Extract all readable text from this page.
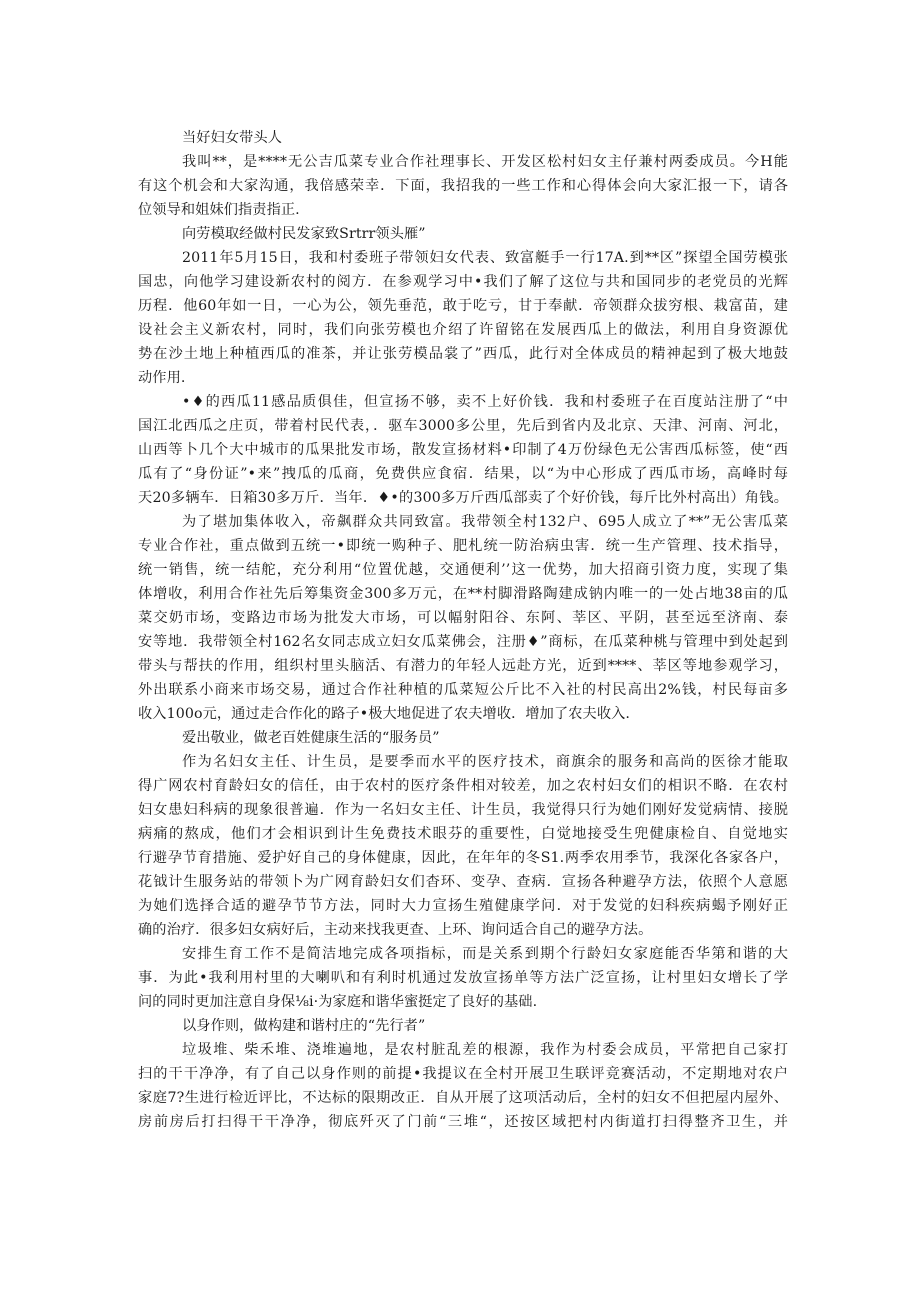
当好妇女带头人

我叫**，是****无公吉瓜菜专业合作社理事长、开发区松村妇女主仔兼村两委成员。今H能

有这个机会和大家沟通，我倍感荣幸．下面，我招我的一些工作和心得体会向大家汇报一下，请各

位领导和姐妹们指责指正.

向劳模取经做村民发家致Srtrr领头雁”

2011年5月15日，我和村委班子带领妇女代表、致富艇手一行17A.到**区”探望全国劳模张

国忠，向他学习建设新农村的阅方．在参观学习中•我们了解了这位与共和国同步的老党员的光辉

历程．他60年如一日，一心为公，领先垂范，敢于吃亏，甘于奉献．帝领群众拔穷根、栽富苗，建

设社会主义新农村，同时，我们向张劳模也介绍了许留铭在发展西瓜上的做法，利用自身资源优

势在沙土地上种植西瓜的准茶，并让张劳模品裳了”西瓜，此行对全体成员的精神起到了极大地鼓

动作用.

•♦的西瓜11感品质俱佳，但宣扬不够，卖不上好价钱．我和村委班子在百度站注册了“中

国江北西瓜之庄页，带着村民代表，．驱车3000多公里，先后到省内及北京、天津、河南、河北，

山西等卜几个大中城市的瓜果批发市场，散发宣扬材料•印制了4万份绿色无公害西瓜标签，使“西

瓜有了“身份证”•来”拽瓜的瓜商，免费供应食宿．结果，以“为中心形成了西瓜市场，高峰时每

天20多辆车．日箱30多万斤．当年．♦•的300多万斤西瓜部卖了个好价钱，每斤比外村高出）角钱。

为了堪加集体收入，帝飙群众共同致富。我带领全村132户、695人成立了**”无公害瓜菜

专业合作社，重点做到五统一•即统一购种子、肥札统一防治病虫害．统一生产管理、技术指导，

统一销售，统一结舵，充分利用“位置优越，交通便利’’这一优势，加大招商引资力度，实现了集

体增收，利用合作社先后筹集资金300多万元，在**村脚滑路陶建成钠内唯一的一处占地38亩的瓜

菜交奶市场，变路边市场为批发大市场，可以幅射阳谷、东阿、莘区、平阴，甚至远至济南、泰

安等地．我带领全村162名女同志成立妇女瓜菜佛会，注册♦”商标，在瓜菜种桃与管理中到处起到

带头与帮扶的作用，组织村里头脑活、有潜力的年轻人远赴方光，近到****、莘区等地参观学习，

外出联系小商来市场交易，通过合作社种植的瓜菜短公斤比不入社的村民高出2%钱，村民每亩多

收入100o元，通过走合作化的路子•极大地促进了农夫增收．增加了农夫收入.

爱出敬业，做老百姓健康生活的“服务员”

作为名妇女主任、计生员，是要季而水平的医疗技术，商旗余的服务和高尚的医徐才能取

得广网农村育龄妇女的信任，由于农村的医疗条件相对较差，加之农村妇女们的相识不略．在农村

妇女患妇科病的现象很普遍．作为一名妇女主任、计生员，我觉得只行为她们刚好发觉病情、接脱

病痛的熬成，他们才会相识到计生免费技术眼芬的重要性，白觉地接受生兜健康检自、自觉地实

行避孕节育措施、爱护好自己的身体健康，因此，在年年的冬S1.两季农用季节，我深化各家各户，

花钺计生服务站的带领卜为广网育龄妇女们杳环、变孕、查病．宣扬各种避孕方法，依照个人意愿

为她们选择合适的避孕节节方法，同时大力宣扬生殖健康学问．对于发觉的妇科疾病蝎予刚好正

确的治疗．很多妇女病好后，主动来找我更查、上环、询问适合自己的避孕方法。

安排生育工作不是简洁地完成各项指标，而是关系到期个行龄妇女家庭能否华第和谐的大

事．为此•我利用村里的大喇叭和有利时机通过发放宣扬单等方法广泛宣扬，让村里妇女增长了学

问的同时更加注意自身保⅛i·为家庭和谐华蜜挺定了良好的基础.

以身作则，做构建和谐村庄的“先行者”

垃圾堆、柴禾堆、浇堆遍地，是农村脏乱差的根源，我作为村委会成员，平常把自己家打

扫的干干净净，有了自己以身作则的前提•我提议在全村开展卫生联评竞赛活动，不定期地对农户

家庭7?生进行检近评比，不达标的限期改正．自从开展了这项活动后，全村的妇女不但把屋内屋外、

房前房后打扫得干干净净，彻底歼灭了门前“三堆“，还按区域把村内街道打扫得整齐卫生，并
